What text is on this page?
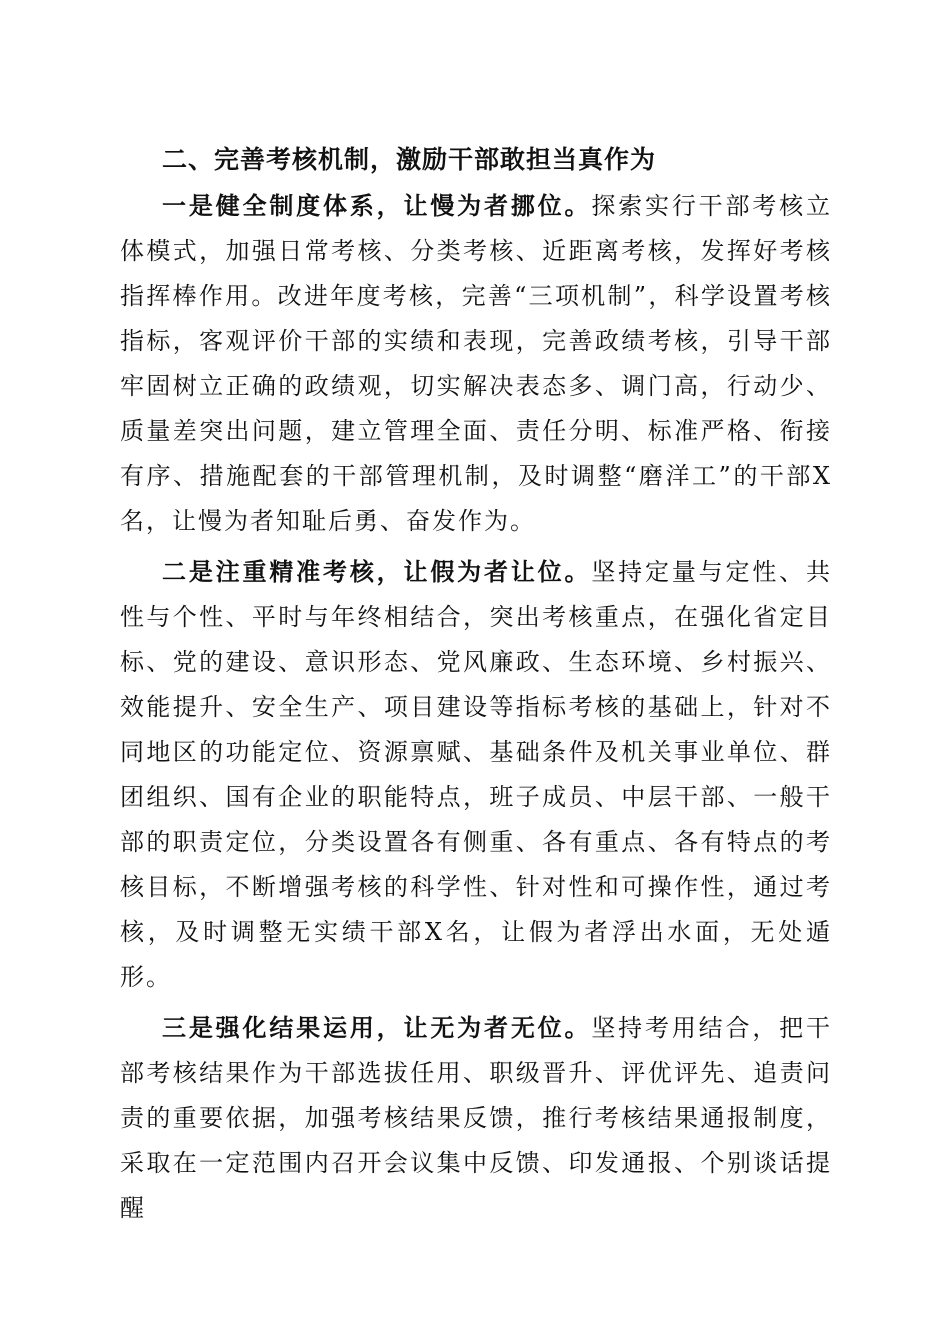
二、完善考核机制，激励干部敢担当真作为

一是健全制度体系，让慢为者挪位。探索实行干部考核立体模式，加强日常考核、分类考核、近距离考核，发挥好考核指挥棒作用。改进年度考核，完善“三项机制”，科学设置考核指标，客观评价干部的实绩和表现，完善政绩考核，引导干部牢固树立正确的政绩观，切实解决表态多、调门高，行动少、质量差突出问题，建立管理全面、责任分明、标准严格、衔接有序、措施配套的干部管理机制，及时调整“磨洋工”的干部X名，让慢为者知耻后勇、奋发作为。

二是注重精准考核，让假为者让位。坚持定量与定性、共性与个性、平时与年终相结合，突出考核重点，在强化省定目标、党的建设、意识形态、党风廉政、生态环境、乡村振兴、效能提升、安全生产、项目建设等指标考核的基础上，针对不同地区的功能定位、资源禀赋、基础条件及机关事业单位、群团组织、国有企业的职能特点，班子成员、中层干部、一般干部的职责定位，分类设置各有侧重、各有重点、各有特点的考核目标，不断增强考核的科学性、针对性和可操作性，通过考核，及时调整无实绩干部X名，让假为者浮出水面，无处遁形。

三是强化结果运用，让无为者无位。坚持考用结合，把干部考核结果作为干部选拔任用、职级晋升、评优评先、追责问责的重要依据，加强考核结果反馈，推行考核结果通报制度，采取在一定范围内召开会议集中反馈、印发通报、个别谈话提醒
